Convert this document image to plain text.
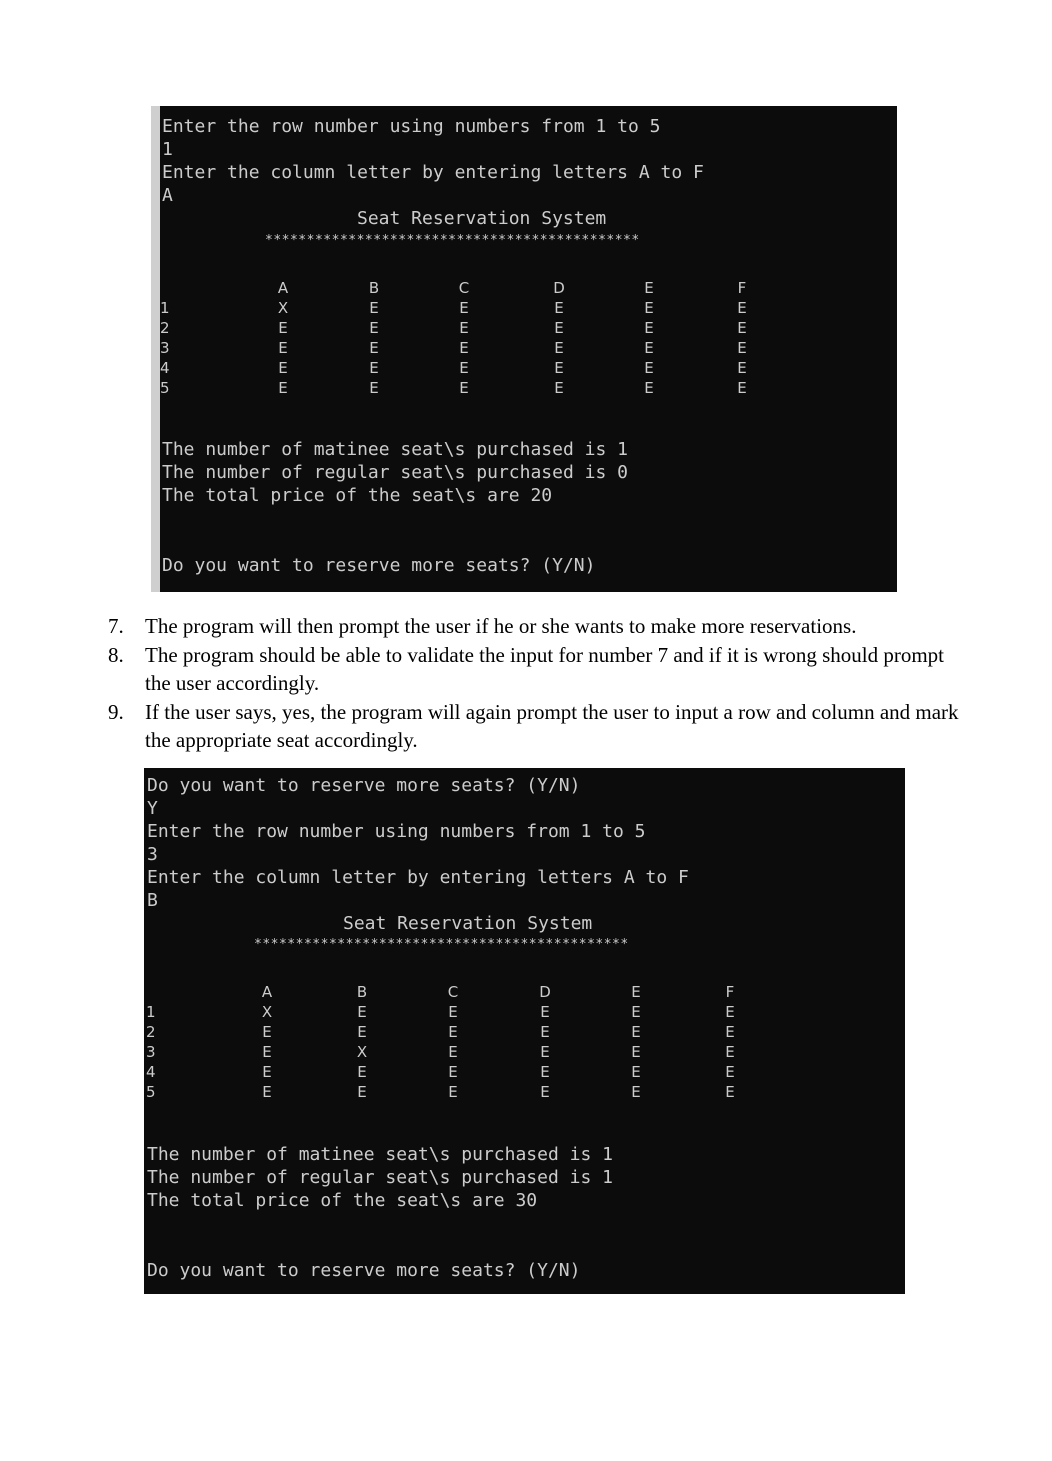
Enter the row number using numbers from 1 to 5
1
Enter the column letter by entering letters A to F
A
Seat Reservation System
*********************************************
A	B	C	D	E	F
1	X	E	E	E	E	E
2	E	E	E	E	E	E
3	E	E	E	E	E	E
4	E	E	E	E	E	E
5	E	E	E	E	E	E
The number of matinee seat\s purchased is 1
The number of regular seat\s purchased is 0
The total price of the seat\s are 20
Do you want to reserve more seats? (Y/N)
7. The program will then prompt the user if he or she wants to make more reservations.
8. The program should be able to validate the input for number 7 and if it is wrong should prompt the user accordingly.
9. If the user says, yes, the program will again prompt the user to input a row and column and mark the appropriate seat accordingly.
Do you want to reserve more seats? (Y/N)
Y
Enter the row number using numbers from 1 to 5
3
Enter the column letter by entering letters A to F
B
Seat Reservation System
*********************************************
A	B	C	D	E	F
1	X	E	E	E	E	E
2	E	E	E	E	E	E
3	E	X	E	E	E	E
4	E	E	E	E	E	E
5	E	E	E	E	E	E
The number of matinee seat\s purchased is 1
The number of regular seat\s purchased is 1
The total price of the seat\s are 30
Do you want to reserve more seats? (Y/N)
